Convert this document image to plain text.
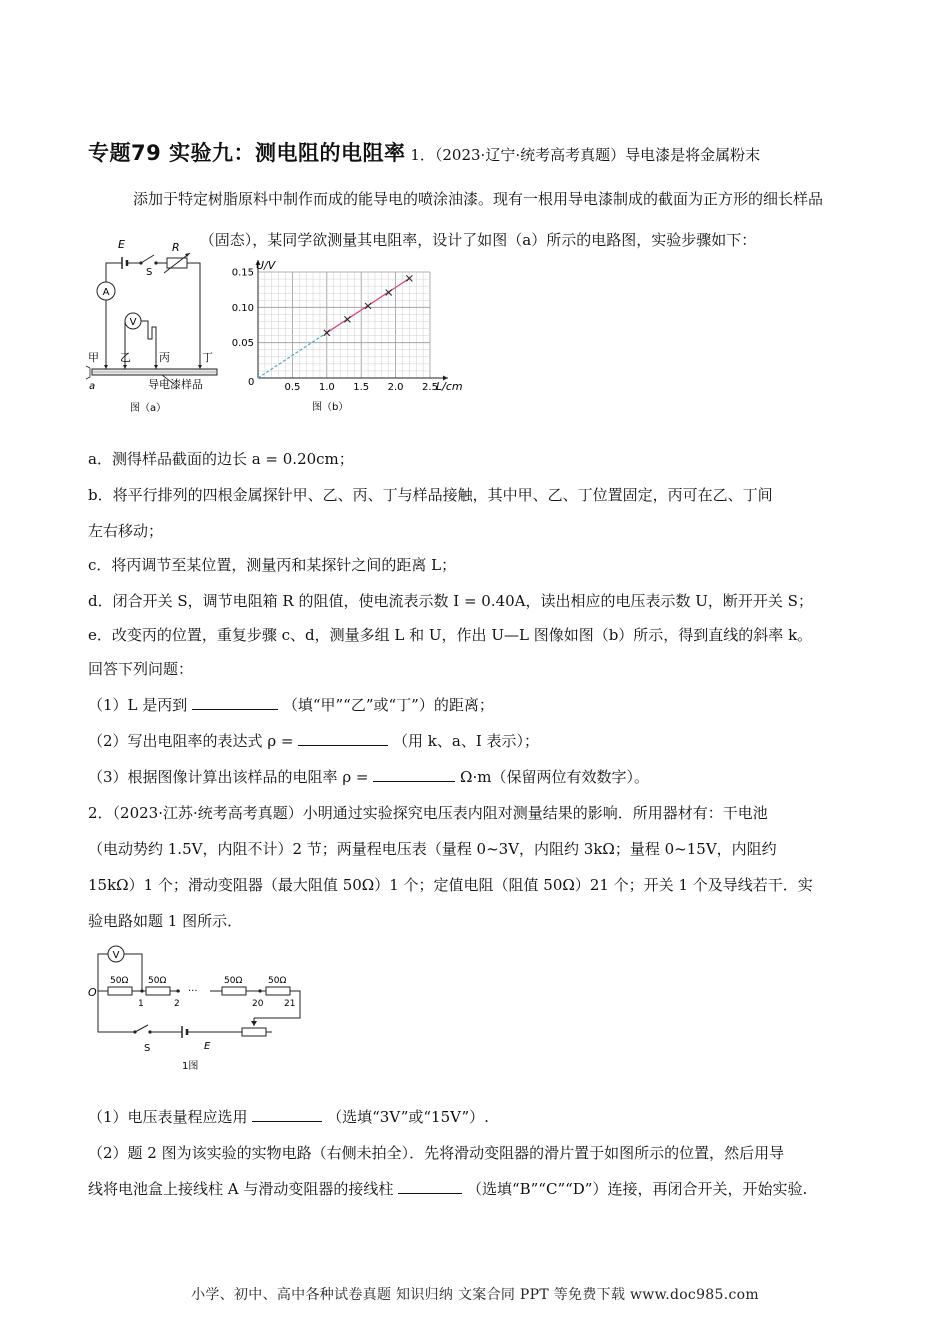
专题79 实验九：测电阻的电阻率 1．（2023·辽宁·统考高考真题）导电漆是将金属粉末
添加于特定树脂原料中制作而成的能导电的喷涂油漆。现有一根用导电漆制成的截面为正方形的细长样品
（固态），某同学欲测量其电阻率，设计了如图（a）所示的电路图，实验步骤如下：
A
V
E
S
R
甲 乙	丙	丁
a	导电漆样品
图（a）
0.5 1.0 1.5 2.0 2.5
0.05
0.10
0.15
U/V
L/cm
0
图（b）
a．测得样品截面的边长 a = 0.20cm；
b．将平行排列的四根金属探针甲、乙、丙、丁与样品接触，其中甲、乙、丁位置固定，丙可在乙、丁间
左右移动；
c．将丙调节至某位置，测量丙和某探针之间的距离 L；
d．闭合开关 S，调节电阻箱 R 的阻值，使电流表示数 I = 0.40A，读出相应的电压表示数 U，断开开关 S；
e．改变丙的位置，重复步骤 c、d，测量多组 L 和 U，作出 U—L 图像如图（b）所示，得到直线的斜率 k。
回答下列问题：
（1）L 是丙到	（填“甲”“乙”或“丁”）的距离；
（2）写出电阻率的表达式 ρ =	（用 k、a、I 表示）；
（3）根据图像计算出该样品的电阻率 ρ =	Ω·m（保留两位有效数字）。
2．（2023·江苏·统考高考真题）小明通过实验探究电压表内阻对测量结果的影响．所用器材有：干电池
（电动势约 1.5V，内阻不计）2 节；两量程电压表（量程 0~3V，内阻约 3kΩ；量程 0~15V，内阻约
15kΩ）1 个；滑动变阻器（最大阻值 50Ω）1 个；定值电阻（阻值 50Ω）21 个；开关 1 个及导线若干．实
验电路如题 1 图所示．
V
O
50Ω 50Ω	50Ω	50Ω
1	2
···
20 21
S	E
1图
（1）电压表量程应选用	（选填“3V”或“15V”）.
（2）题 2 图为该实验的实物电路（右侧未拍全）．先将滑动变阻器的滑片置于如图所示的位置，然后用导
线将电池盒上接线柱 A 与滑动变阻器的接线柱	（选填“B”“C”“D”）连接，再闭合开关，开始实验.
小学、初中、高中各种试卷真题 知识归纳 文案合同 PPT 等免费下载 www.doc985.com
